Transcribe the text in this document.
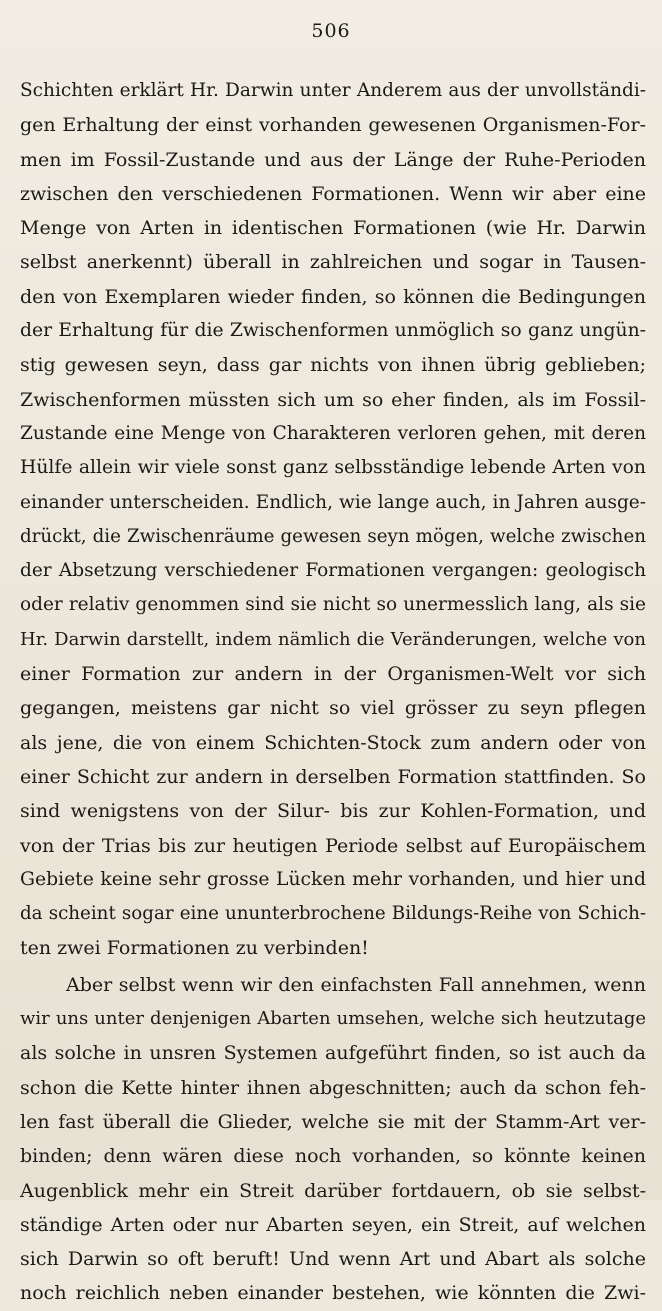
506
Schichten erklärt Hr. Darwin unter Anderem aus der unvollständi-
gen Erhaltung der einst vorhanden gewesenen Organismen-For-
men im Fossil-Zustande und aus der Länge der Ruhe-Perioden
zwischen den verschiedenen Formationen. Wenn wir aber eine
Menge von Arten in identischen Formationen (wie Hr. Darwin
selbst anerkennt) überall in zahlreichen und sogar in Tausen-
den von Exemplaren wieder finden, so können die Bedingungen
der Erhaltung für die Zwischenformen unmöglich so ganz ungün-
stig gewesen seyn, dass gar nichts von ihnen übrig geblieben;
Zwischenformen müssten sich um so eher finden, als im Fossil-
Zustande eine Menge von Charakteren verloren gehen, mit deren
Hülfe allein wir viele sonst ganz selbsständige lebende Arten von
einander unterscheiden. Endlich, wie lange auch, in Jahren ausge-
drückt, die Zwischenräume gewesen seyn mögen, welche zwischen
der Absetzung verschiedener Formationen vergangen: geologisch
oder relativ genommen sind sie nicht so unermesslich lang, als sie
Hr. Darwin darstellt, indem nämlich die Veränderungen, welche von
einer Formation zur andern in der Organismen-Welt vor sich
gegangen, meistens gar nicht so viel grösser zu seyn pflegen
als jene, die von einem Schichten-Stock zum andern oder von
einer Schicht zur andern in derselben Formation stattfinden. So
sind wenigstens von der Silur- bis zur Kohlen-Formation, und
von der Trias bis zur heutigen Periode selbst auf Europäischem
Gebiete keine sehr grosse Lücken mehr vorhanden, und hier und
da scheint sogar eine ununterbrochene Bildungs-Reihe von Schich-
ten zwei Formationen zu verbinden!
Aber selbst wenn wir den einfachsten Fall annehmen, wenn
wir uns unter denjenigen Abarten umsehen, welche sich heutzutage
als solche in unsren Systemen aufgeführt finden, so ist auch da
schon die Kette hinter ihnen abgeschnitten; auch da schon feh-
len fast überall die Glieder, welche sie mit der Stamm-Art ver-
binden; denn wären diese noch vorhanden, so könnte keinen
Augenblick mehr ein Streit darüber fortdauern, ob sie selbst-
ständige Arten oder nur Abarten seyen, ein Streit, auf welchen
sich Darwin so oft beruft! Und wenn Art und Abart als solche
noch reichlich neben einander bestehen, wie könnten die Zwi-
